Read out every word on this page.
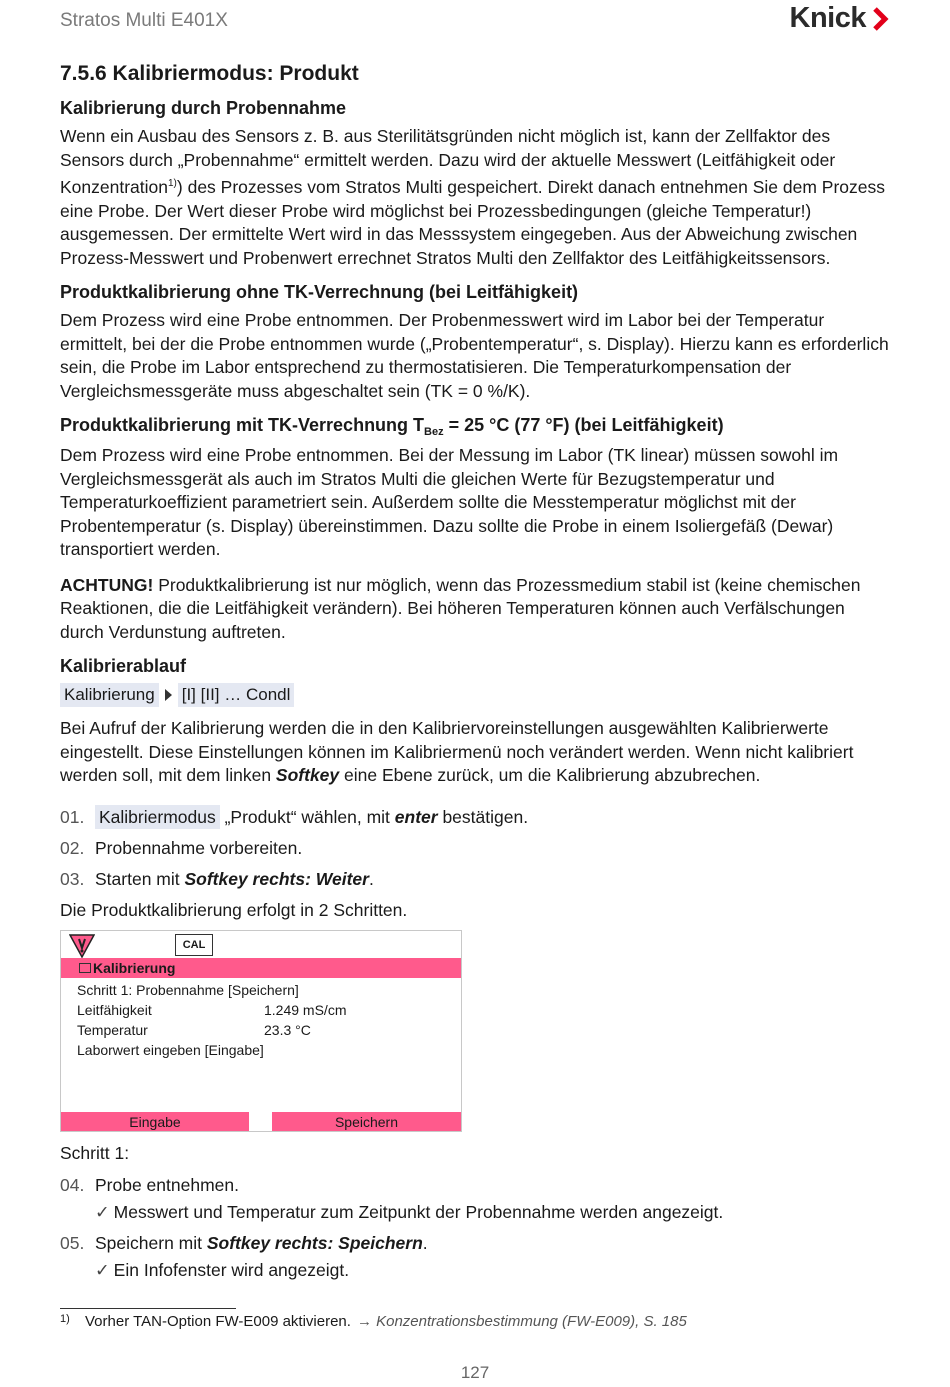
Stratos Multi E401X	Knick
7.5.6 Kalibriermodus: Produkt
Kalibrierung durch Probennahme

Wenn ein Ausbau des Sensors z. B. aus Sterilitätsgründen nicht möglich ist, kann der Zellfaktor des Sensors durch „Probennahme“ ermittelt werden. Dazu wird der aktuelle Messwert (Leitfähigkeit oder Konzentration$^{1)}$) des Prozesses vom Stratos Multi gespeichert. Direkt danach entnehmen Sie dem Prozess eine Probe. Der Wert dieser Probe wird möglichst bei Prozessbedingungen (gleiche Temperatur!) ausgemessen. Der ermittelte Wert wird in das Messsystem eingegeben. Aus der Abweichung zwischen Prozess-Messwert und Probenwert errechnet Stratos Multi den Zellfaktor des Leitfähigkeitssensors.

Produktkalibrierung ohne TK-Verrechnung (bei Leitfähigkeit)

Dem Prozess wird eine Probe entnommen. Der Probenmesswert wird im Labor bei der Temperatur ermittelt, bei der die Probe entnommen wurde („Probentemperatur“, s. Display). Hierzu kann es erforderlich sein, die Probe im Labor entsprechend zu thermostatisieren. Die Temperaturkompensation der Vergleichsmessgeräte muss abgeschaltet sein (TK = 0 %/K).

Produktkalibrierung mit TK-Verrechnung $T_{Bez} = 25$ °C (77 °F) (bei Leitfähigkeit)

Dem Prozess wird eine Probe entnommen. Bei der Messung im Labor (TK linear) müssen sowohl im Vergleichsmessgerät als auch im Stratos Multi die gleichen Werte für Bezugstemperatur und Temperaturkoeffizient parametriert sein. Außerdem sollte die Messtemperatur möglichst mit der Probentemperatur (s. Display) übereinstimmen. Dazu sollte die Probe in einem Isoliergefäß (Dewar) transportiert werden.

ACHTUNG! Produktkalibrierung ist nur möglich, wenn das Prozessmedium stabil ist (keine chemischen Reaktionen, die die Leitfähigkeit verändern). Bei höheren Temperaturen können auch Verfälschungen durch Verdunstung auftreten.

Kalibrierablauf
Kalibrierung [I] [II] … Condl

Bei Aufruf der Kalibrierung werden die in den Kalibriervoreinstellungen ausgewählten Kalibrierwerte eingestellt. Diese Einstellungen können im Kalibriermenü noch verändert werden. Wenn nicht kalibriert werden soll, mit dem linken Softkey eine Ebene zurück, um die Kalibrierung abzubrechen.

01. Kalibriermodus „Produkt“ wählen, mit enter bestätigen.
02. Probennahme vorbereiten.
03. Starten mit Softkey rechts: Weiter.

Die Produktkalibrierung erfolgt in 2 Schritten.

CAL
Kalibrierung
Schritt 1: Probennahme [Speichern]
Leitfähigkeit	1.249 mS/cm
Temperatur	23.3 °C
Laborwert eingeben [Eingabe]
Eingabe	Speichern

Schritt 1:

04. Probe entnehmen.
✓ Messwert und Temperatur zum Zeitpunkt der Probennahme werden angezeigt.
05. Speichern mit Softkey rechts: Speichern.
✓ Ein Infofenster wird angezeigt.
1)	Vorher TAN-Option FW-E009 aktivieren. → Konzentrationsbestimmung (FW-E009), S. 185
127
